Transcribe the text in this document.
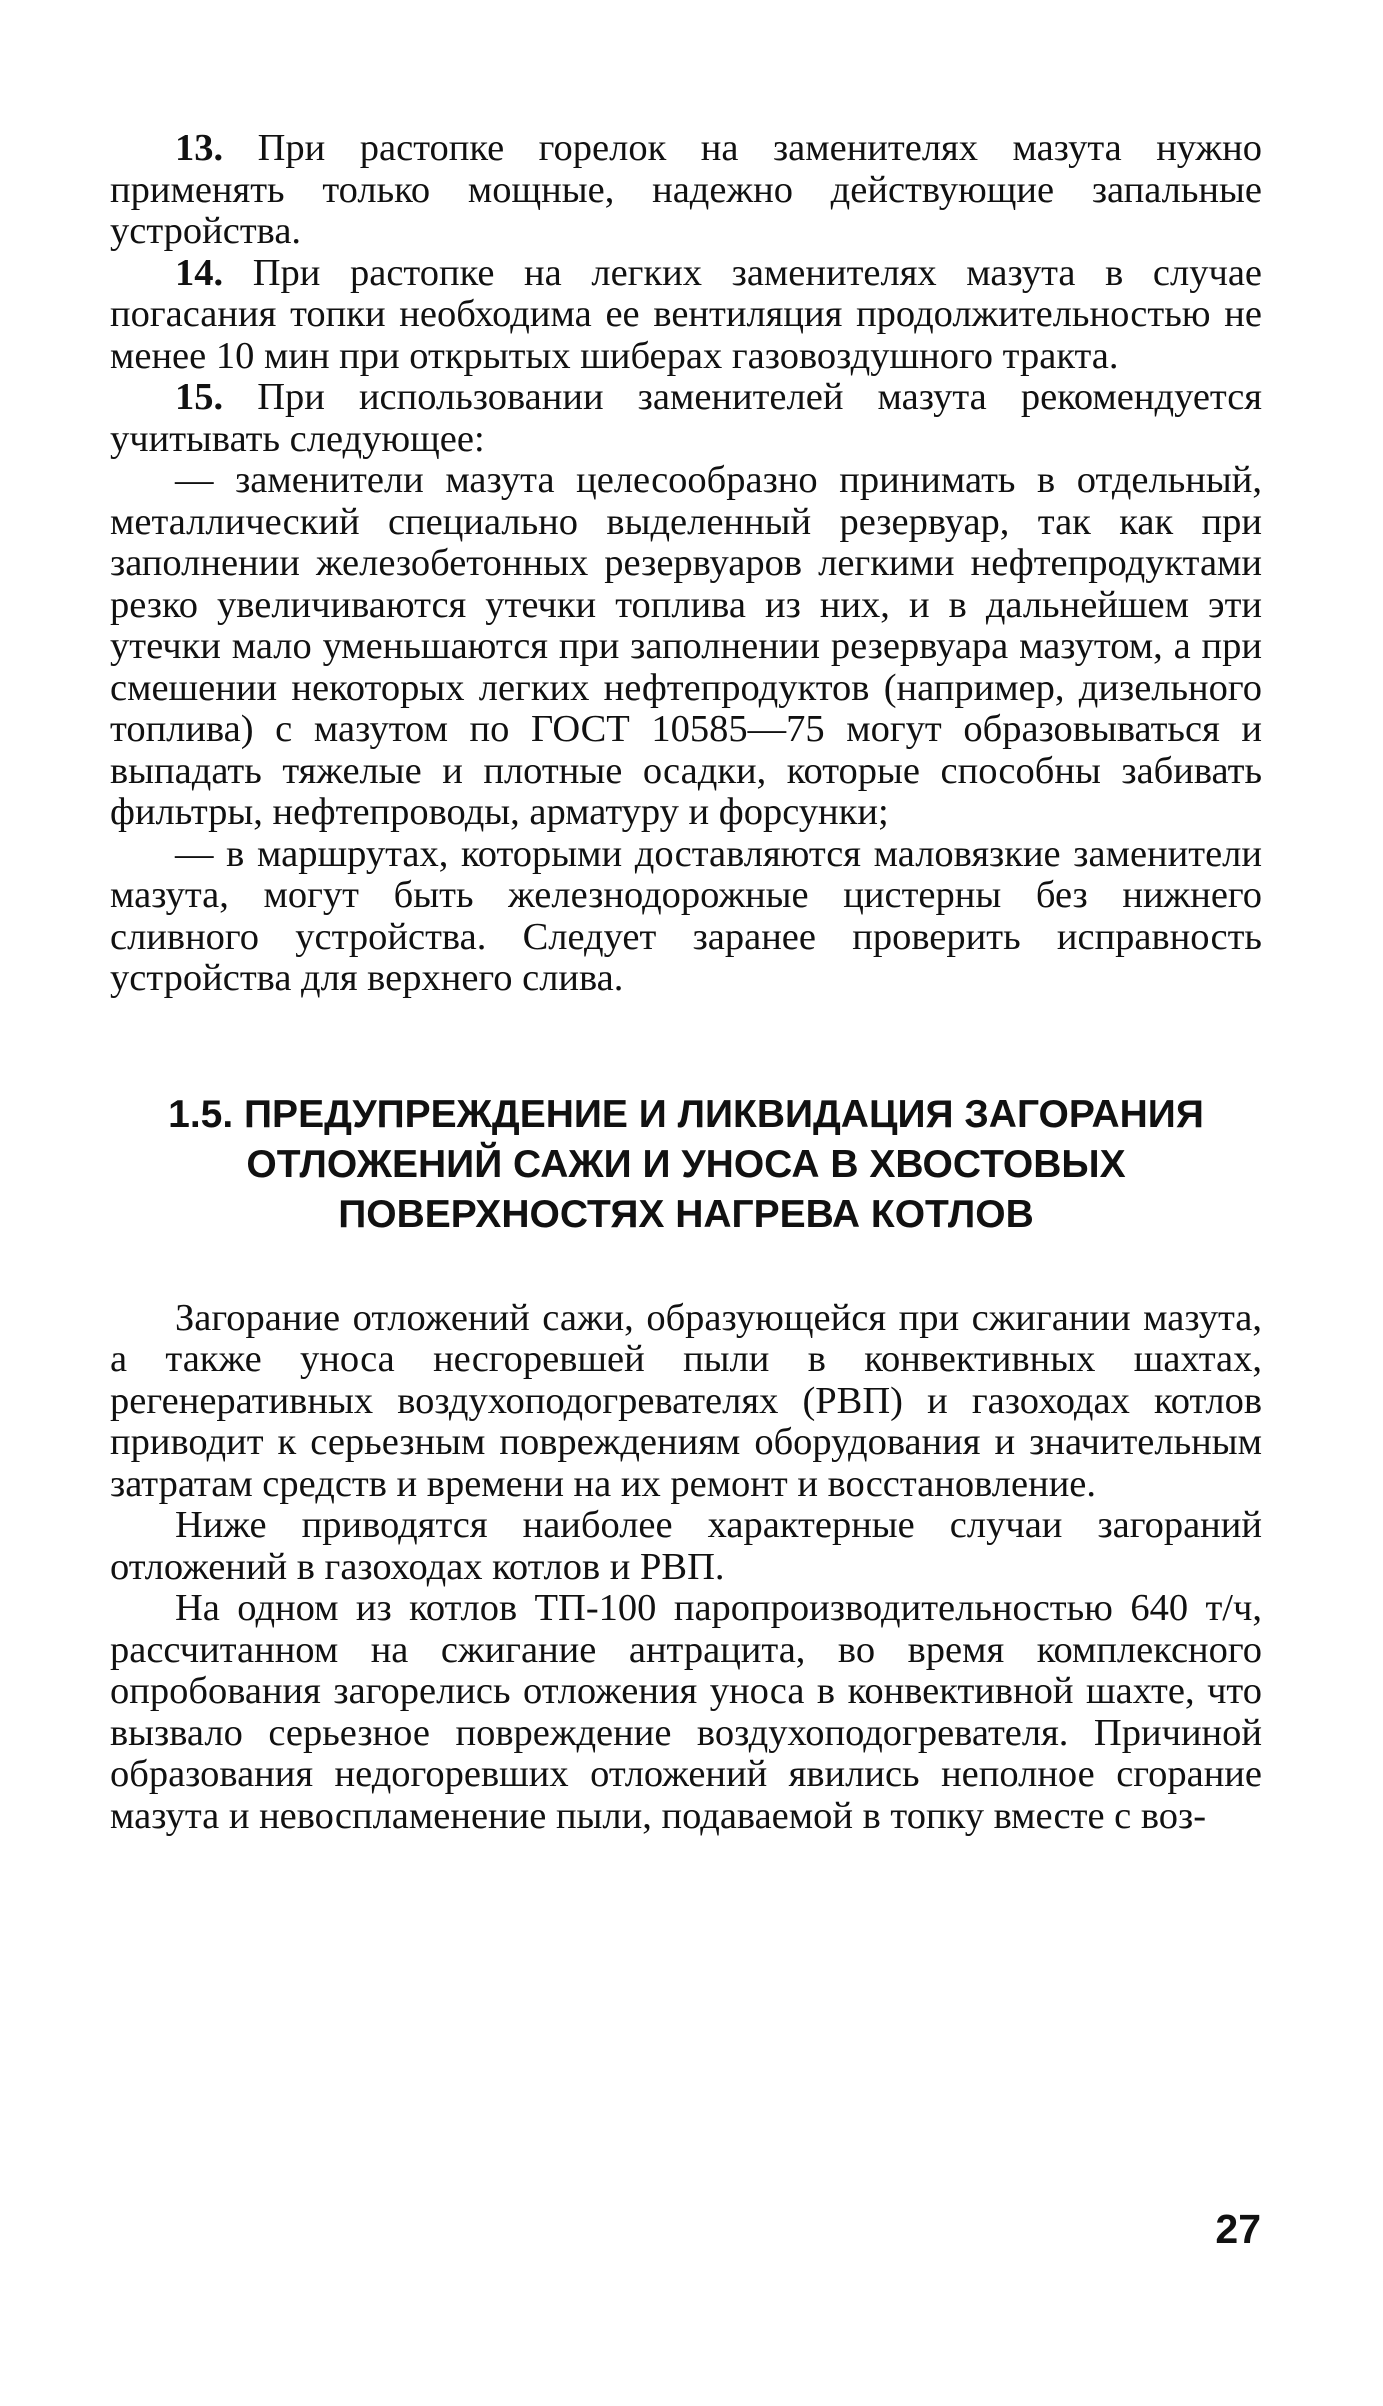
13. При растопке горелок на заменителях мазута нужно применять только мощные, надежно действующие запальные устройства.

14. При растопке на легких заменителях мазута в случае погасания топки необходима ее вентиляция продолжительностью не менее 10 мин при открытых шиберах газовоздушного тракта.

15. При использовании заменителей мазута рекомендуется учитывать следующее:

— заменители мазута целесообразно принимать в отдельный, металлический специально выделенный резервуар, так как при заполнении железобетонных резервуаров легкими нефтепродуктами резко увеличиваются утечки топлива из них, и в дальнейшем эти утечки мало уменьшаются при заполнении резервуара мазутом, а при смешении некоторых легких нефтепродуктов (например, дизельного топлива) с мазутом по ГОСТ 10585—75 могут образовываться и выпадать тяжелые и плотные осадки, которые способны забивать фильтры, нефтепроводы, арматуру и форсунки;

— в маршрутах, которыми доставляются маловязкие заменители мазута, могут быть железнодорожные цистерны без нижнего сливного устройства. Следует заранее проверить исправность устройства для верхнего слива.

1.5. ПРЕДУПРЕЖДЕНИЕ И ЛИКВИДАЦИЯ ЗАГОРАНИЯ
ОТЛОЖЕНИЙ САЖИ И УНОСА В ХВОСТОВЫХ
ПОВЕРХНОСТЯХ НАГРЕВА КОТЛОВ

Загорание отложений сажи, образующейся при сжигании мазута, а также уноса несгоревшей пыли в конвективных шахтах, регенеративных воздухоподогревателях (РВП) и газоходах котлов приводит к серьезным повреждениям оборудования и значительным затратам средств и времени на их ремонт и восстановление.

Ниже приводятся наиболее характерные случаи загораний отложений в газоходах котлов и РВП.

На одном из котлов ТП-100 паропроизводительностью 640 т/ч, рассчитанном на сжигание антрацита, во время комплексного опробования загорелись отложения уноса в конвективной шахте, что вызвало серьезное повреждение воздухоподогревателя. Причиной образования недогоревших отложений явились неполное сгорание мазута и невоспламенение пыли, подаваемой в топку вместе с воз-

27
